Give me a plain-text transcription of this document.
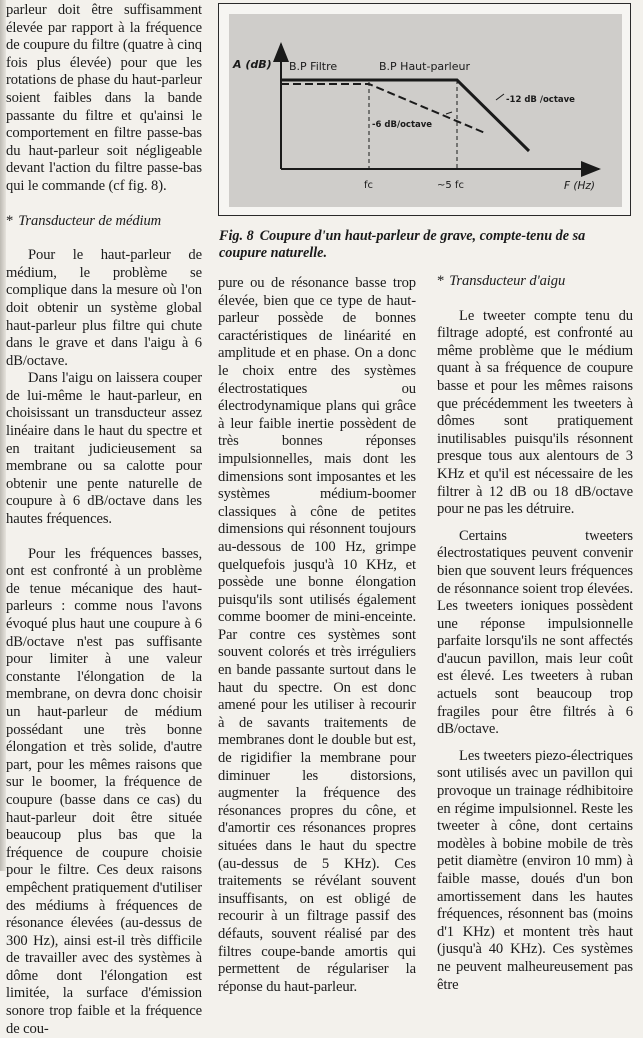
parleur doit être suffisamment élevée par rapport à la fréquence de coupure du filtre (quatre à cinq fois plus élevée) pour que les rotations de phase du haut-parleur soient faibles dans la bande passante du filtre et qu'ainsi le comportement en filtre passe-bas du haut-parleur soit négligeable devant l'action du filtre passe-bas qui le commande (cf fig. 8).

* Transducteur de médium

Pour le haut-parleur de médium, le problème se complique dans la mesure où l'on doit obtenir un système global haut-parleur plus filtre qui chute dans le grave et dans l'aigu à 6 dB/octave.

Dans l'aigu on laissera couper de lui-même le haut-parleur, en choisissant un transducteur assez linéaire dans le haut du spectre et en traitant judicieusement sa membrane ou sa calotte pour obtenir une pente naturelle de coupure à 6 dB/octave dans les hautes fréquences.

Pour les fréquences basses, ont est confronté à un problème de tenue mécanique des haut-parleurs : comme nous l'avons évoqué plus haut une coupure à 6 dB/octave n'est pas suffisante pour limiter à une valeur constante l'élongation de la membrane, on devra donc choisir un haut-parleur de médium possédant une très bonne élongation et très solide, d'autre part, pour les mêmes raisons que sur le boomer, la fréquence de coupure (basse dans ce cas) du haut-parleur doit être située beaucoup plus bas que la fréquence de coupure choisie pour le filtre. Ces deux raisons empêchent pratiquement d'utiliser des médiums à fréquences de résonance élevées (au-dessus de 300 Hz), ainsi est-il très difficile de travailler avec des systèmes à dôme dont l'élongation est limitée, la surface d'émission sonore trop faible et la fréquence de cou-

A (dB) B.P Filtre	B.P Haut-parleur
-12 dB /octave
-6 dB/octave
fc	~5 fc	F (Hz)
Fig. 8 Coupure d'un haut-parleur de grave, compte-tenu de sa coupure naturelle.

pure ou de résonance basse trop élevée, bien que ce type de haut-parleur possède de bonnes caractéristiques de linéarité en amplitude et en phase. On a donc le choix entre des systèmes électrostatiques ou électrodynamique plans qui grâce à leur faible inertie possèdent de très bonnes réponses impulsionnelles, mais dont les dimensions sont imposantes et les systèmes médium-boomer classiques à cône de petites dimensions qui résonnent toujours au-dessous de 100 Hz, grimpe quelquefois jusqu'à 10 KHz, et possède une bonne élongation puisqu'ils sont utilisés également comme boomer de mini-enceinte. Par contre ces systèmes sont souvent colorés et très irréguliers en bande passante surtout dans le haut du spectre. On est donc amené pour les utiliser à recourir à de savants traitements de membranes dont le double but est, de rigidifier la membrane pour diminuer les distorsions, augmenter la fréquence des résonances propres du cône, et d'amortir ces résonances propres situées dans le haut du spectre (au-dessus de 5 KHz). Ces traitements se révélant souvent insuffisants, on est obligé de recourir à un filtrage passif des défauts, souvent réalisé par des filtres coupe-bande amortis qui permettent de régulariser la réponse du haut-parleur.

* Transducteur d'aigu

Le tweeter compte tenu du filtrage adopté, est confronté au même problème que le médium quant à sa fréquence de coupure basse et pour les mêmes raisons que précédemment les tweeters à dômes sont pratiquement inutilisables puisqu'ils résonnent presque tous aux alentours de 3 KHz et qu'il est nécessaire de les filtrer à 12 dB ou 18 dB/octave pour ne pas les détruire.

Certains tweeters électrostatiques peuvent convenir bien que souvent leurs fréquences de résonnance soient trop élevées. Les tweeters ioniques possèdent une réponse impulsionnelle parfaite lorsqu'ils ne sont affectés d'aucun pavillon, mais leur coût est élevé. Les tweeters à ruban actuels sont beaucoup trop fragiles pour être filtrés à 6 dB/octave.

Les tweeters piezo-électriques sont utilisés avec un pavillon qui provoque un trainage rédhibitoire en régime impulsionnel. Reste les tweeter à cône, dont certains modèles à bobine mobile de très petit diamètre (environ 10 mm) à faible masse, doués d'un bon amortissement dans les hautes fréquences, résonnent bas (moins d'1 KHz) et montent très haut (jusqu'à 40 KHz). Ces systèmes ne peuvent malheureusement pas être
